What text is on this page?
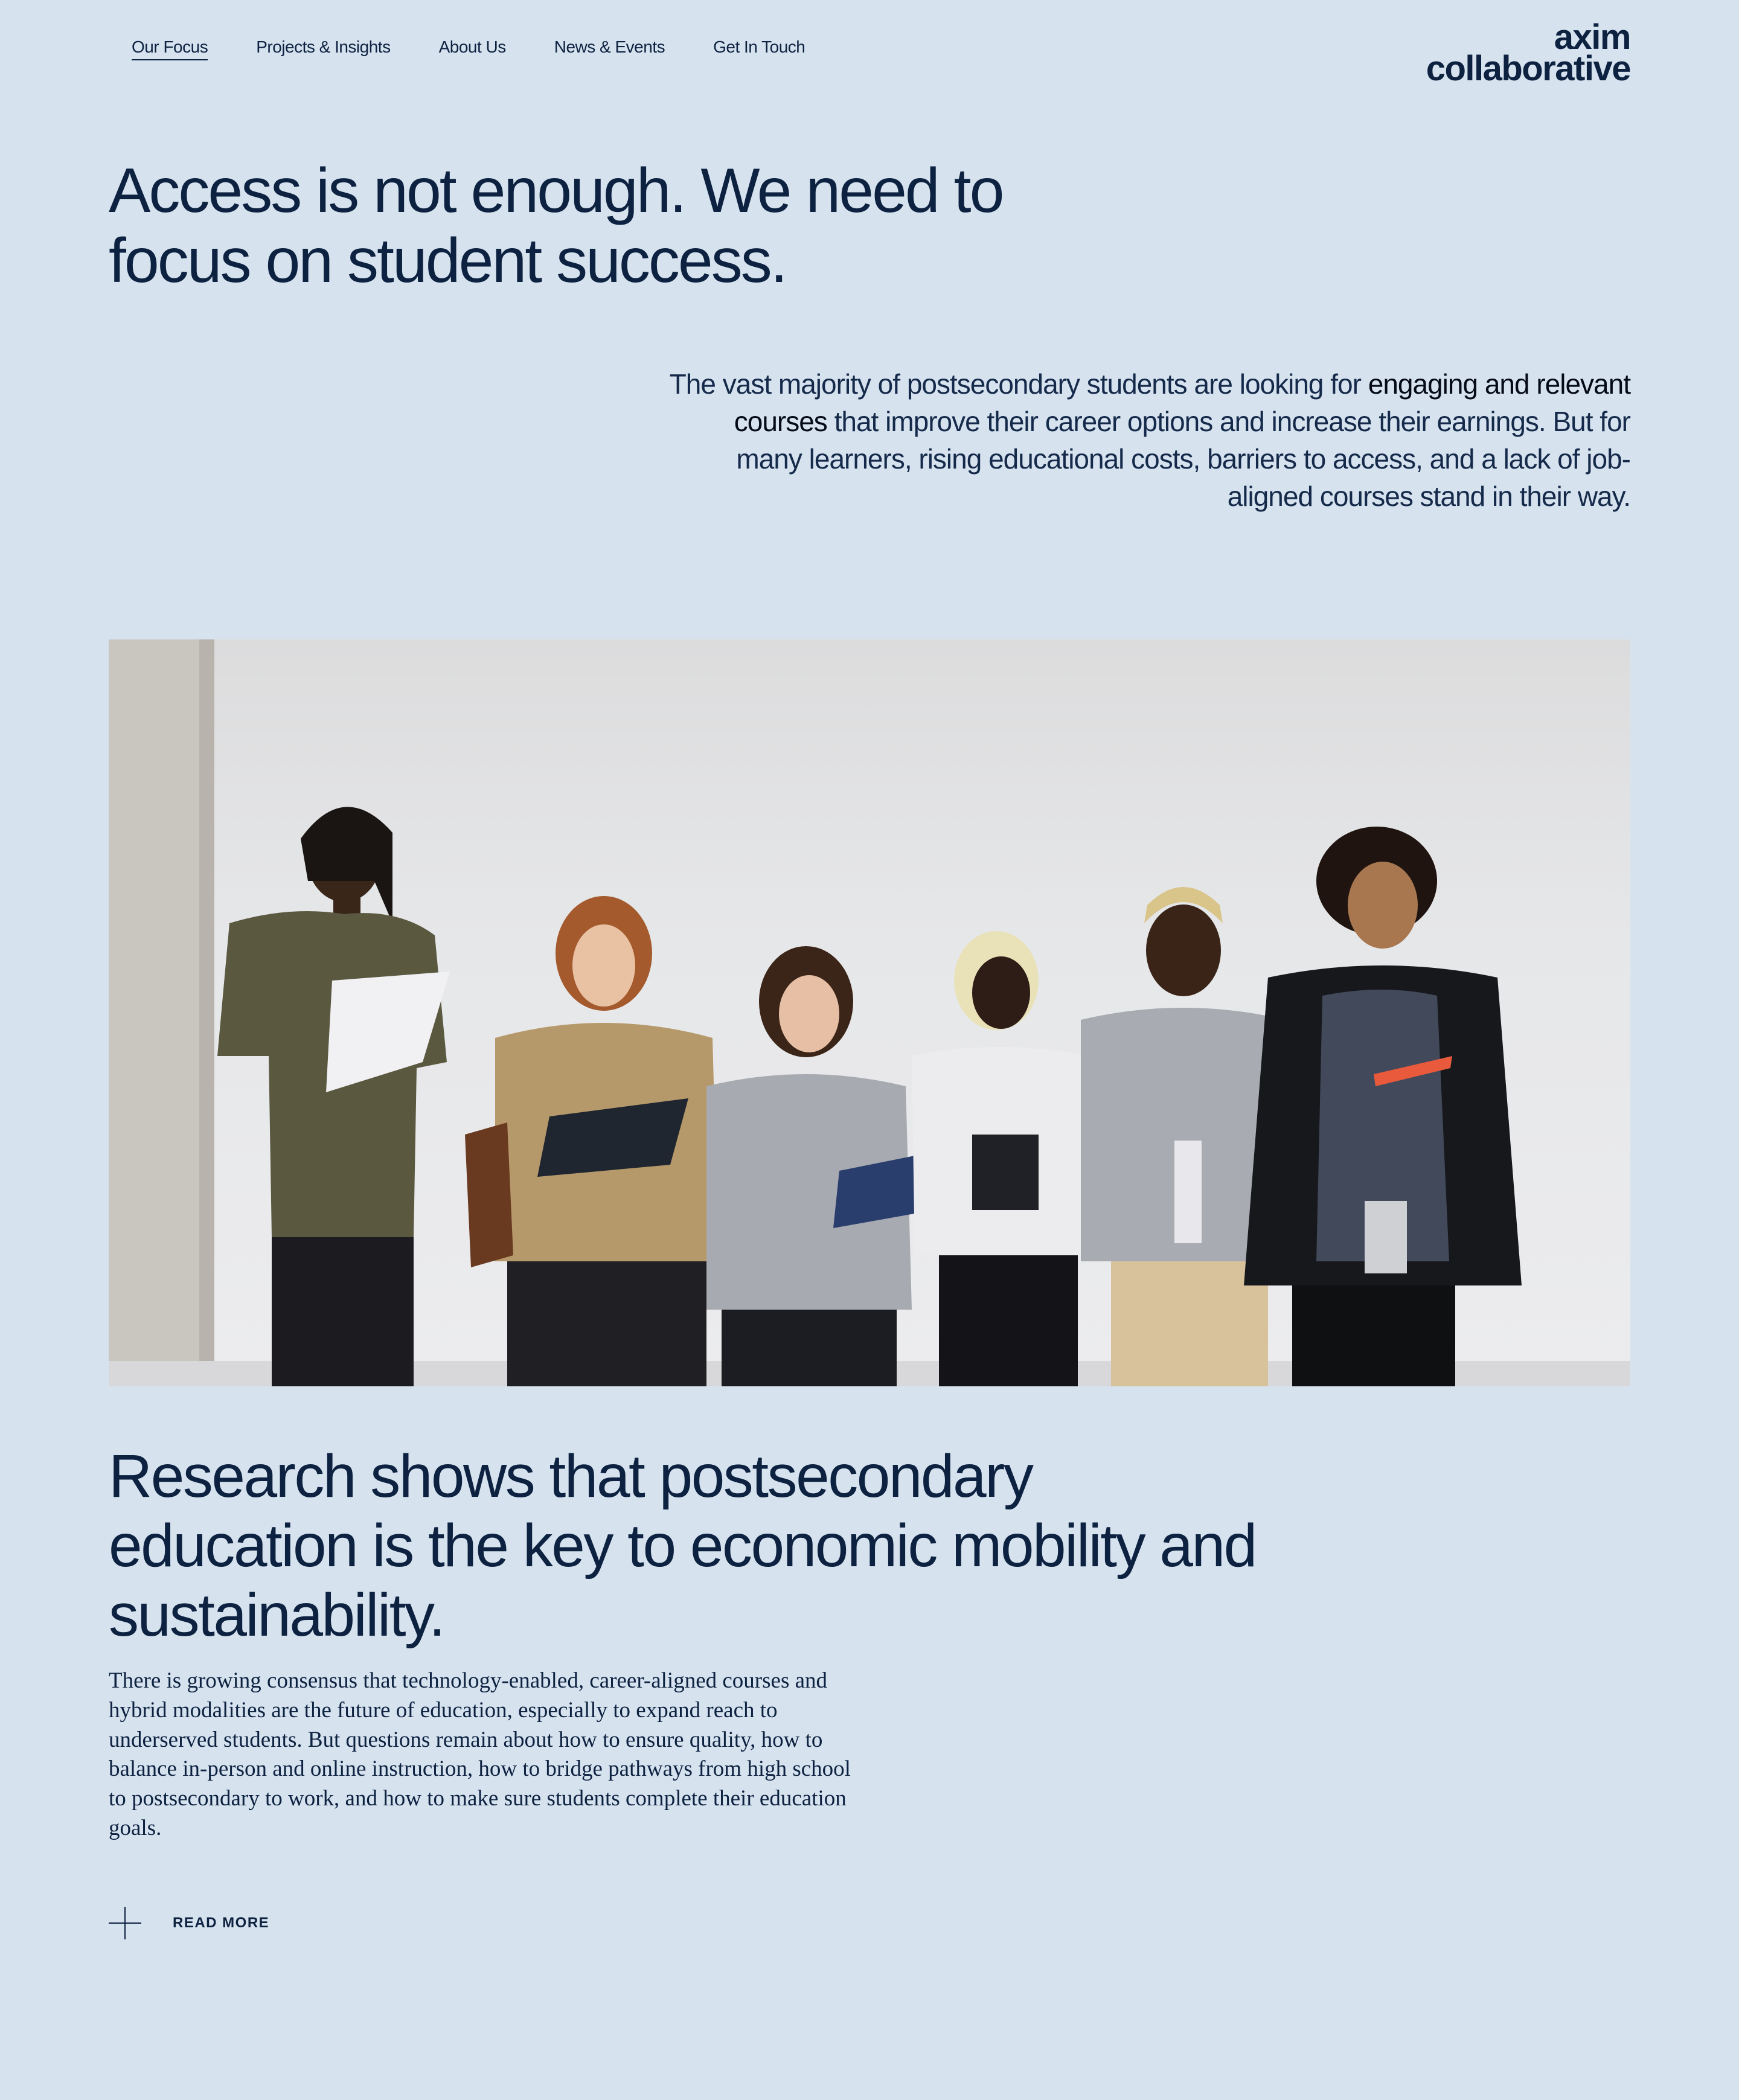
Our Focus	Projects & Insights	About Us	News & Events	Get In Touch	axim
collaborative
Access is not enough. We need to focus on student success.

The vast majority of postsecondary students are looking for engaging and relevant courses that improve their career options and increase their earnings. But for many learners, rising educational costs, barriers to access, and a lack of job-aligned courses stand in their way.

Research shows that postsecondary education is the key to economic mobility and sustainability.

There is growing consensus that technology-enabled, career-aligned courses and hybrid modalities are the future of education, especially to expand reach to underserved students. But questions remain about how to ensure quality, how to balance in-person and online instruction, how to bridge pathways from high school to postsecondary to work, and how to make sure students complete their education goals.

READ MORE
